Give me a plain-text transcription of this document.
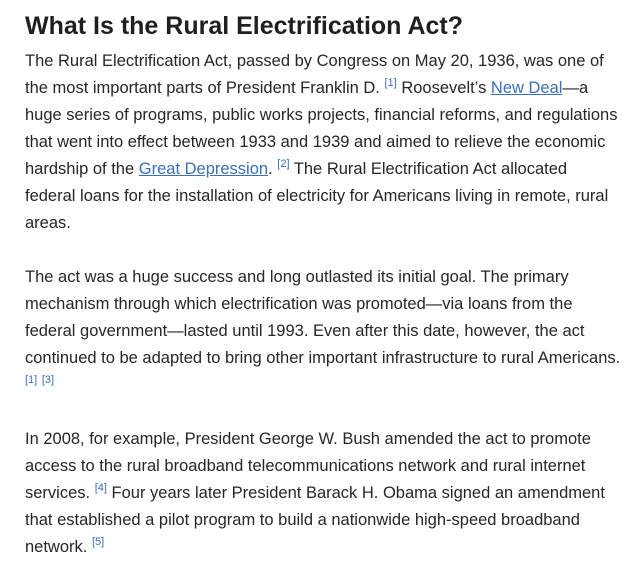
What Is the Rural Electrification Act?

The Rural Electrification Act, passed by Congress on May 20, 1936, was one of the most important parts of President Franklin D. [1] Roosevelt’s New Deal—a huge series of programs, public works projects, financial reforms, and regulations that went into effect between 1933 and 1939 and aimed to relieve the economic hardship of the Great Depression. [2] The Rural Electrification Act allocated federal loans for the installation of electricity for Americans living in remote, rural areas.

The act was a huge success and long outlasted its initial goal. The primary mechanism through which electrification was promoted—via loans from the federal government—lasted until 1993. Even after this date, however, the act continued to be adapted to bring other important infrastructure to rural Americans. [1] [3]

In 2008, for example, President George W. Bush amended the act to promote access to the rural broadband telecommunications network and rural internet services. [4] Four years later President Barack H. Obama signed an amendment that established a pilot program to build a nationwide high-speed broadband network. [5]
